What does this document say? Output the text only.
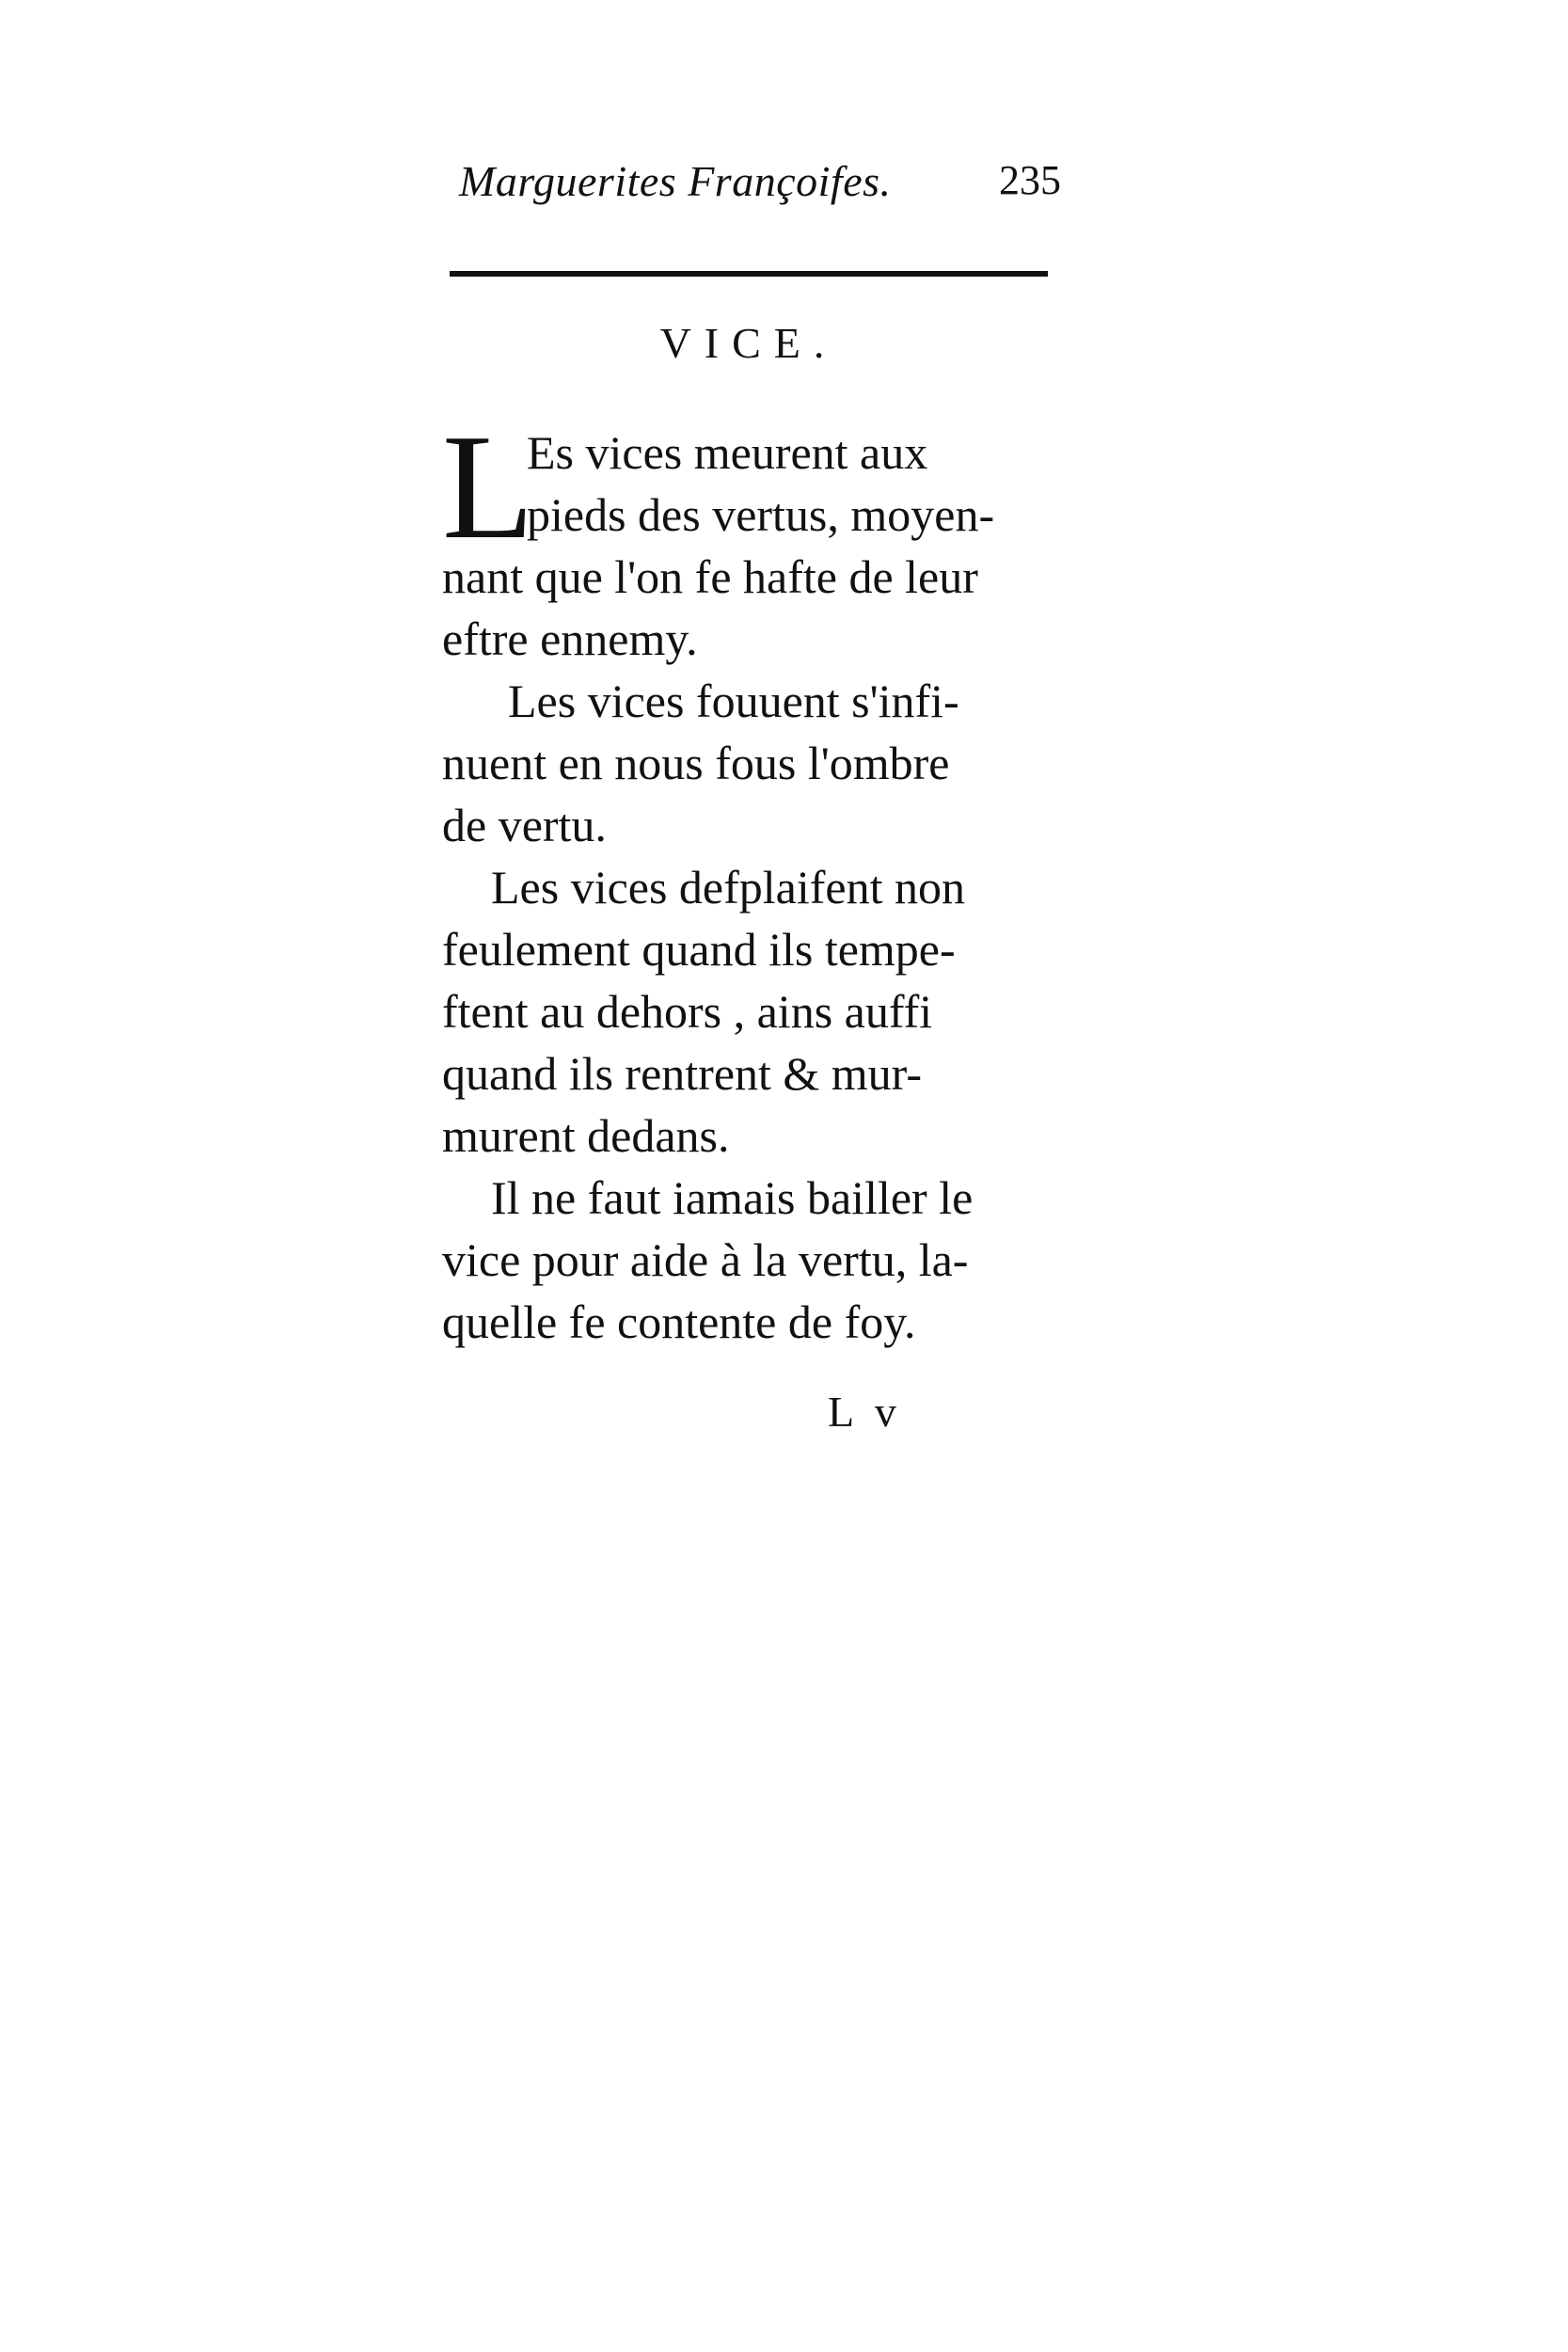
Marguerites Françoifes.	235
VICE.
L
Es vices meurent aux
pieds des vertus, moyen-
nant que l'on fe hafte de leur
eftre ennemy.
Les vices fouuent s'infi-
nuent en nous fous l'ombre
de vertu.
Les vices defplaifent non
feulement quand ils tempe-
ftent au dehors , ains auffi
quand ils rentrent & mur-
murent dedans.
Il ne faut iamais bailler le
vice pour aide à la vertu, la-
quelle fe contente de foy.
L v
